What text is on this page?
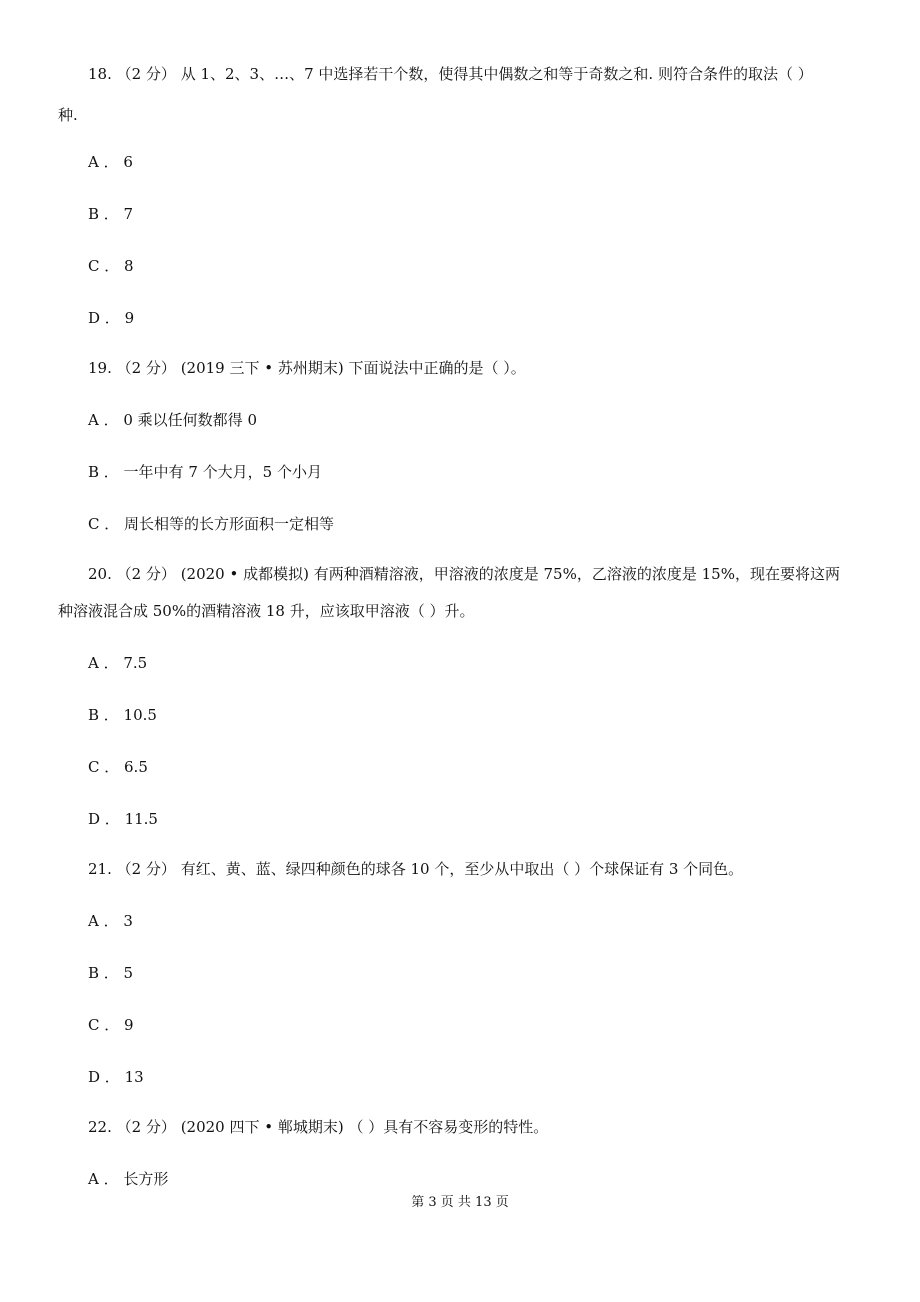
18. （2 分） 从 1、2、3、…、7 中选择若干个数，使得其中偶数之和等于奇数之和. 则符合条件的取法（ ）
种.
A ． 6
B ． 7
C ． 8
D ． 9
19. （2 分） (2019 三下 • 苏州期末) 下面说法中正确的是（ ）。
A ． 0 乘以任何数都得 0
B ． 一年中有 7 个大月，5 个小月
C ． 周长相等的长方形面积一定相等
20. （2 分） (2020 • 成都模拟) 有两种酒精溶液，甲溶液的浓度是 75%，乙溶液的浓度是 15%，现在要将这两
种溶液混合成 50%的酒精溶液 18 升，应该取甲溶液（ ）升。
A ． 7.5
B ． 10.5
C ． 6.5
D ． 11.5
21. （2 分） 有红、黄、蓝、绿四种颜色的球各 10 个，至少从中取出（ ）个球保证有 3 个同色。
A ． 3
B ． 5
C ． 9
D ． 13
22. （2 分） (2020 四下 • 郸城期末) （ ）具有不容易变形的特性。
A ． 长方形
第 3 页 共 13 页
